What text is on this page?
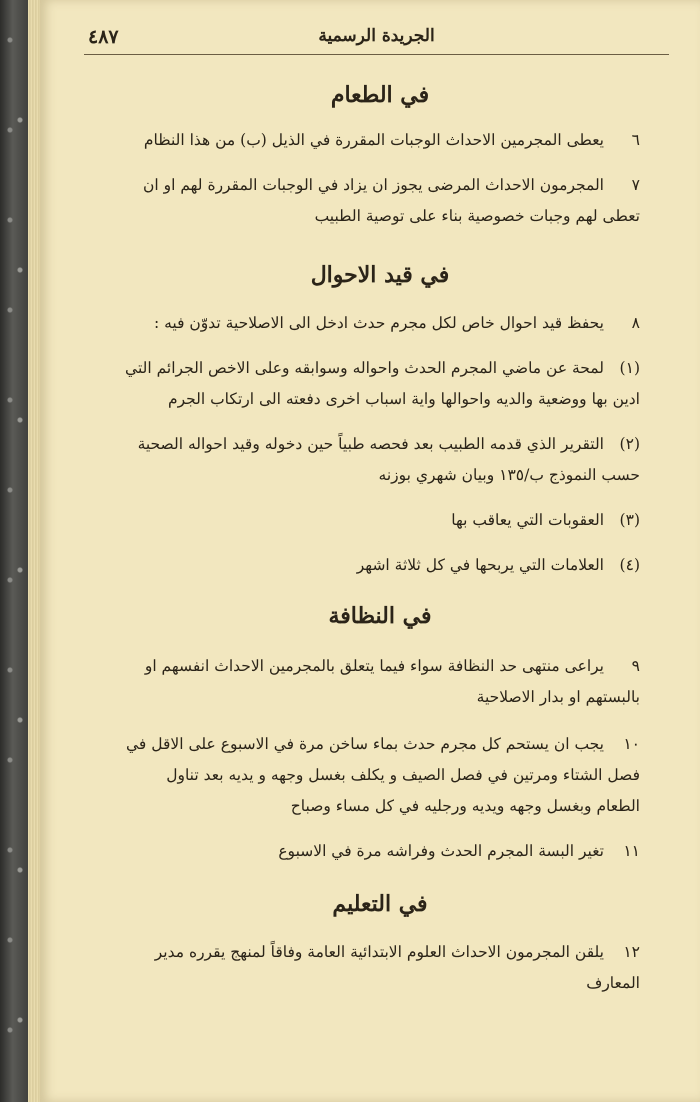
٤٨٧	الجريدة الرسمية
في الطعام

٦يعطى المجرمين الاحداث الوجبات المقررة في الذيل (ب) من هذا النظام

٧المجرمون الاحداث المرضى يجوز ان يزاد في الوجبات المقررة لهم او ان تعطى لهم وجبات خصوصية بناء على توصية الطبيب

في قيد الاحوال

٨يحفظ قيد احوال خاص لكل مجرم حدث ادخل الى الاصلاحية تدوّن فيه :

(١)لمحة عن ماضي المجرم الحدث واحواله وسوابقه وعلى الاخص الجرائم التي ادين بها ووضعية والديه واحوالها واية اسباب اخرى دفعته الى ارتكاب الجرم

(٢)التقرير الذي قدمه الطبيب بعد فحصه طبياً حين دخوله وقيد احواله الصحية حسب النموذج ب/١٣٥ وبيان شهري بوزنه

(٣)العقوبات التي يعاقب بها

(٤)العلامات التي يربحها في كل ثلاثة اشهر

في النظافة

٩يراعى منتهى حد النظافة سواء فيما يتعلق بالمجرمين الاحداث انفسهم او بالبستهم او بدار الاصلاحية

١٠يجب ان يستحم كل مجرم حدث بماء ساخن مرة في الاسبوع على الاقل في فصل الشتاء ومرتين في فصل الصيف و يكلف بغسل وجهه و يديه بعد تناول الطعام وبغسل وجهه ويديه ورجليه في كل مساء وصباح

١١تغير البسة المجرم الحدث وفراشه مرة في الاسبوع

في التعليم

١٢يلقن المجرمون الاحداث العلوم الابتدائية العامة وفاقاً لمنهج يقرره مدير المعارف
